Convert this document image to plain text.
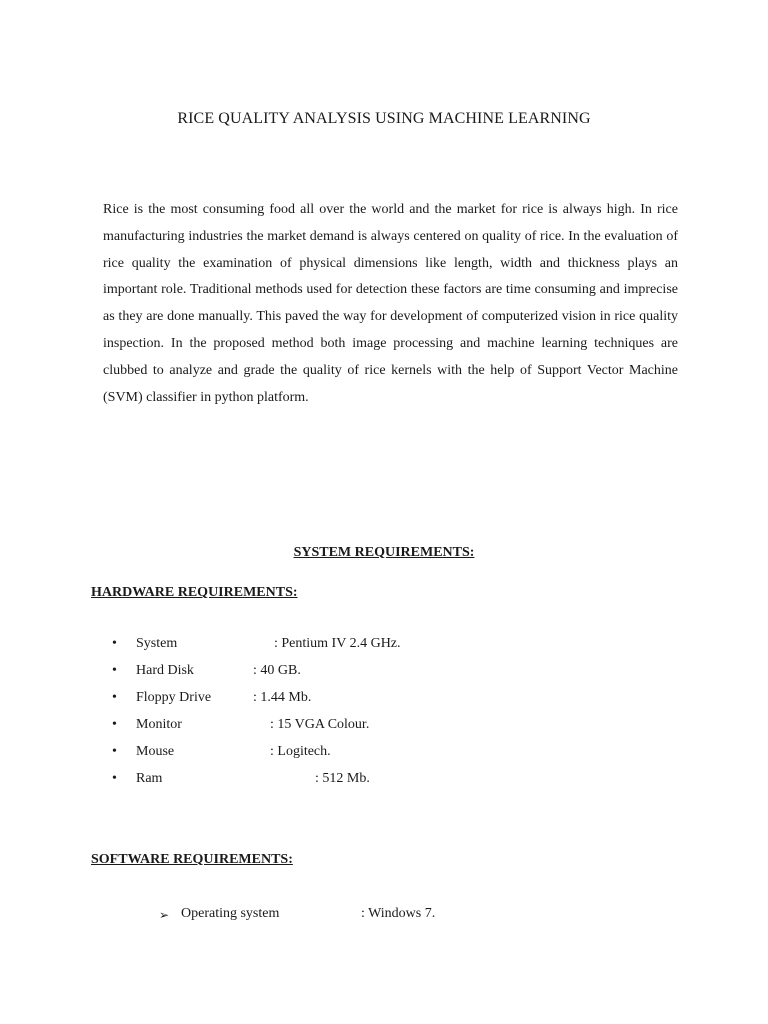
RICE QUALITY ANALYSIS USING MACHINE LEARNING

Rice is the most consuming food all over the world and the market for rice is always high. In rice manufacturing industries the market demand is always centered on quality of rice. In the evaluation of rice quality the examination of physical dimensions like length, width and thickness plays an important role. Traditional methods used for detection these factors are time consuming and imprecise as they are done manually. This paved the way for development of computerized vision in rice quality inspection. In the proposed method both image processing and machine learning techniques are clubbed to analyze and grade the quality of rice kernels with the help of Support Vector Machine (SVM) classifier in python platform.

SYSTEM REQUIREMENTS:
HARDWARE REQUIREMENTS:
• System	: Pentium IV 2.4 GHz.
• Hard Disk	: 40 GB.
• Floppy Drive	: 1.44 Mb.
• Monitor	: 15 VGA Colour.
• Mouse	: Logitech.
• Ram	: 512 Mb.
SOFTWARE REQUIREMENTS:
➢ Operating system	: Windows 7.
